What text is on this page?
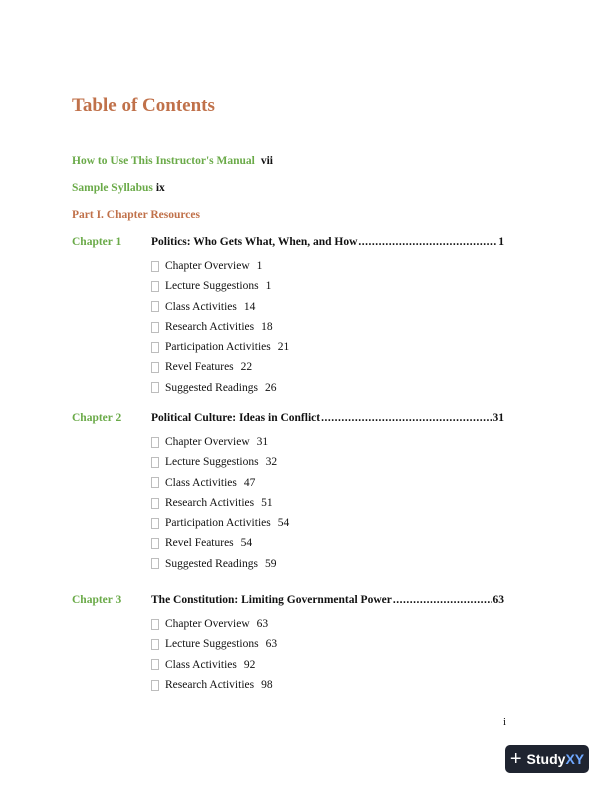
Table of Contents
How to Use This Instructor's Manual vii
Sample Syllabus ix
Part I. Chapter Resources
Chapter 1	Politics: Who Gets What, When, and How .....	1
Chapter Overview 1
Lecture Suggestions 1
Class Activities 14
Research Activities 18
Participation Activities 21
Revel Features 22
Suggested Readings 26
Chapter 2	Political Culture: Ideas in Conflict .....	31
Chapter Overview 31
Lecture Suggestions 32
Class Activities 47
Research Activities 51
Participation Activities 54
Revel Features 54
Suggested Readings 59
Chapter 3	The Constitution: Limiting Governmental Power .....	63
Chapter Overview 63
Lecture Suggestions 63
Class Activities 92
Research Activities 98
i
+ Study XY
